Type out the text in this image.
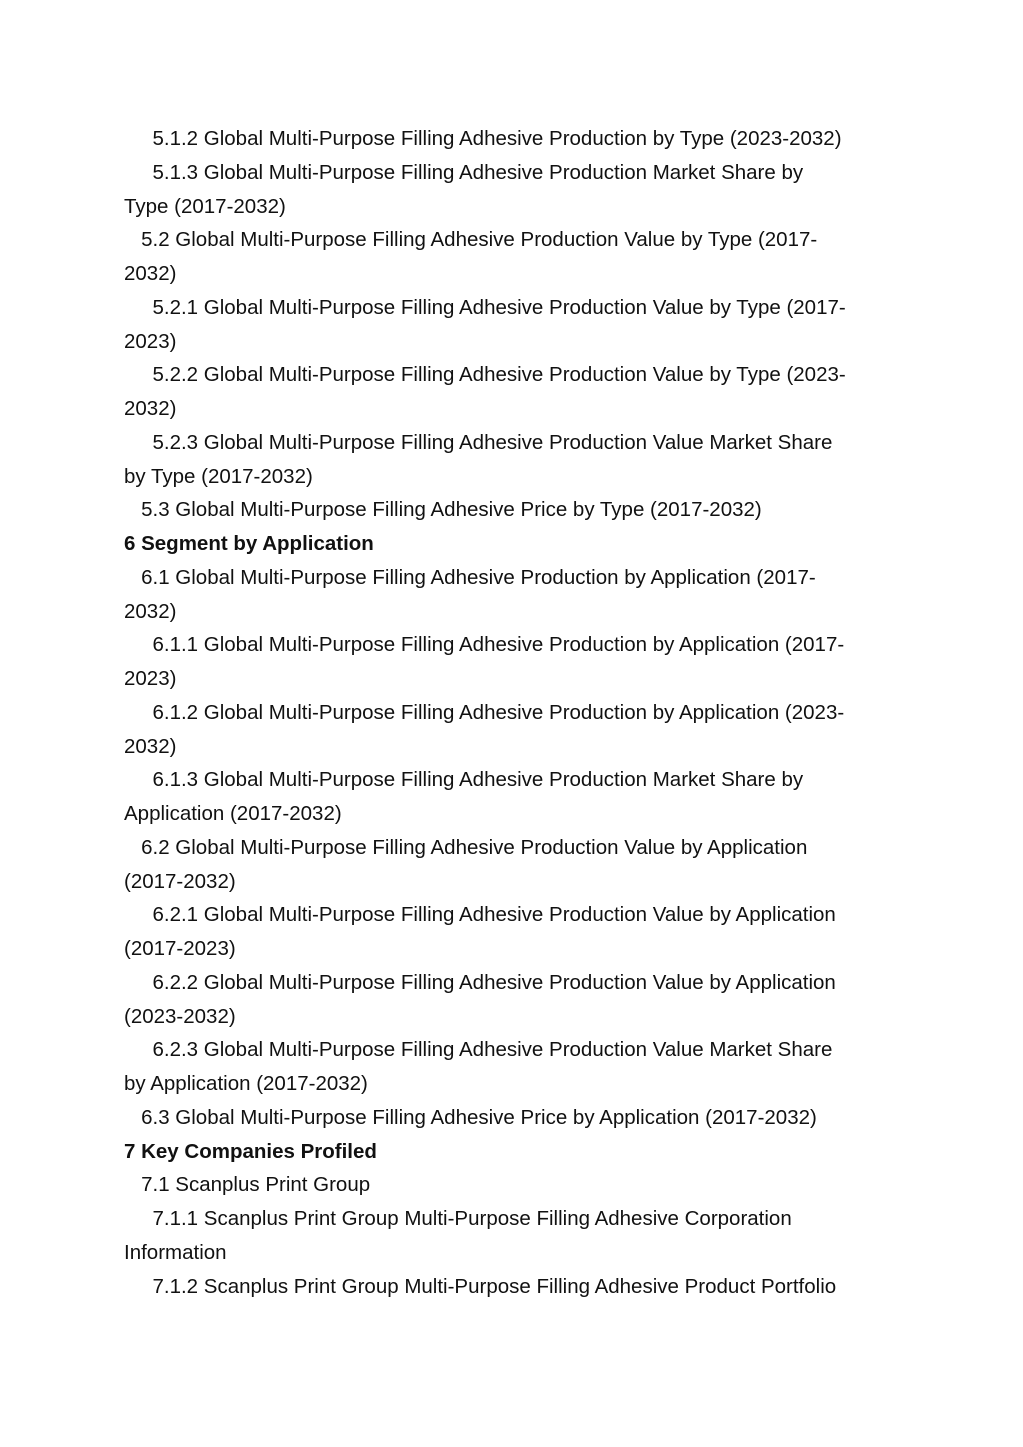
5.1.2 Global Multi-Purpose Filling Adhesive Production by Type (2023-2032)
5.1.3 Global Multi-Purpose Filling Adhesive Production Market Share by
Type (2017-2032)
5.2 Global Multi-Purpose Filling Adhesive Production Value by Type (2017-
2032)
5.2.1 Global Multi-Purpose Filling Adhesive Production Value by Type (2017-
2023)
5.2.2 Global Multi-Purpose Filling Adhesive Production Value by Type (2023-
2032)
5.2.3 Global Multi-Purpose Filling Adhesive Production Value Market Share
by Type (2017-2032)
5.3 Global Multi-Purpose Filling Adhesive Price by Type (2017-2032)
6 Segment by Application
6.1 Global Multi-Purpose Filling Adhesive Production by Application (2017-
2032)
6.1.1 Global Multi-Purpose Filling Adhesive Production by Application (2017-
2023)
6.1.2 Global Multi-Purpose Filling Adhesive Production by Application (2023-
2032)
6.1.3 Global Multi-Purpose Filling Adhesive Production Market Share by
Application (2017-2032)
6.2 Global Multi-Purpose Filling Adhesive Production Value by Application
(2017-2032)
6.2.1 Global Multi-Purpose Filling Adhesive Production Value by Application
(2017-2023)
6.2.2 Global Multi-Purpose Filling Adhesive Production Value by Application
(2023-2032)
6.2.3 Global Multi-Purpose Filling Adhesive Production Value Market Share
by Application (2017-2032)
6.3 Global Multi-Purpose Filling Adhesive Price by Application (2017-2032)
7 Key Companies Profiled
7.1 Scanplus Print Group
7.1.1 Scanplus Print Group Multi-Purpose Filling Adhesive Corporation
Information
7.1.2 Scanplus Print Group Multi-Purpose Filling Adhesive Product Portfolio
